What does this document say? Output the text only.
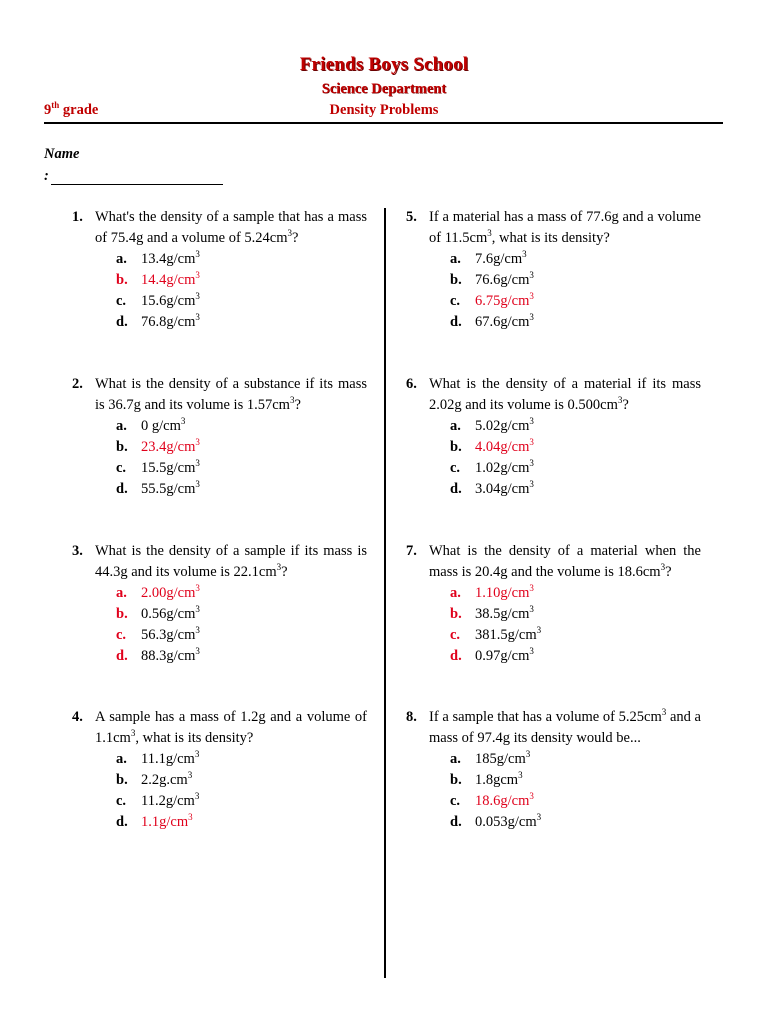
Friends Boys School
Science Department
9th grade	Density Problems
Name
:
1. What's the density of a sample that has a mass of 75.4g and a volume of $5.24cm^3$?
a. $13.4g/cm^3$
b. $14.4g/cm^3$
c. $15.6g/cm^3$
d. $76.8g/cm^3$
2. What is the density of a substance if its mass is 36.7g and its volume is $1.57cm^3$?
a. 0 $g/cm^3$
b. $23.4g/cm^3$
c. $15.5g/cm^3$
d. $55.5g/cm^3$
3. What is the density of a sample if its mass is 44.3g and its volume is $22.1cm^3$?
a. $2.00g/cm^3$
b. $0.56g/cm^3$
c. $56.3g/cm^3$
d. $88.3g/cm^3$
4. A sample has a mass of 1.2g and a volume of $1.1cm^3$, what is its density?
a. $11.1g/cm^3$
b. $2.2g.cm^3$
c. $11.2g/cm^3$
d. $1.1g/cm^3$
5. If a material has a mass of 77.6g and a volume of $11.5cm^3$, what is its density?
a. $7.6g/cm^3$
b. $76.6g/cm^3$
c. $6.75g/cm^3$
d. $67.6g/cm^3$
6. What is the density of a material if its mass 2.02g and its volume is $0.500cm^3$?
a. $5.02g/cm^3$
b. $4.04g/cm^3$
c. $1.02g/cm^3$
d. $3.04g/cm^3$
7. What is the density of a material when the mass is 20.4g and the volume is $18.6cm^3$?
a. $1.10g/cm^3$
b. $38.5g/cm^3$
c. $381.5g/cm^3$
d. $0.97g/cm^3$
8. If a sample that has a volume of $5.25cm^3$ and a mass of 97.4g its density would be...
a. $185g/cm^3$
b. 1.8gcm$^3$
c. $18.6g/cm^3$
d. $0.053g/cm^3$
